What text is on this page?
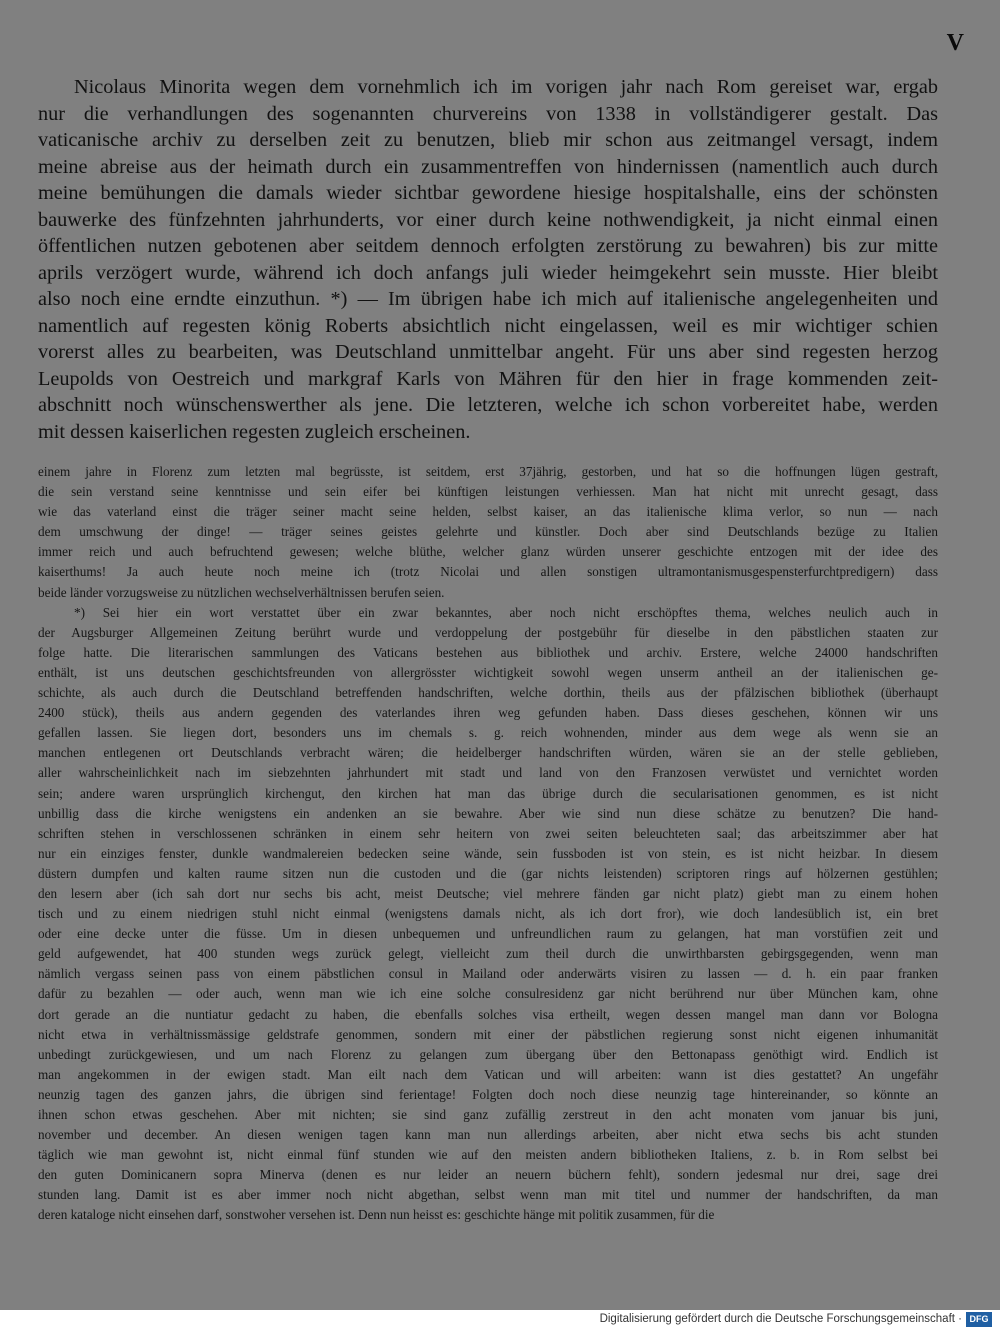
V
Nicolaus Minorita wegen dem vornehmlich ich im vorigen jahr nach Rom gereiset war, ergab
nur die verhandlungen des sogenannten churvereins von 1338 in vollständigerer gestalt. Das
vaticanische archiv zu derselben zeit zu benutzen, blieb mir schon aus zeitmangel versagt, indem
meine abreise aus der heimath durch ein zusammentreffen von hindernissen (namentlich auch durch
meine bemühungen die damals wieder sichtbar gewordene hiesige hospitalshalle, eins der schönsten
bauwerke des fünfzehnten jahrhunderts, vor einer durch keine nothwendigkeit, ja nicht einmal einen
öffentlichen nutzen gebotenen aber seitdem dennoch erfolgten zerstörung zu bewahren) bis zur mitte
aprils verzögert wurde, während ich doch anfangs juli wieder heimgekehrt sein musste. Hier bleibt
also noch eine erndte einzuthun. *) — Im übrigen habe ich mich auf italienische angelegenheiten und
namentlich auf regesten könig Roberts absichtlich nicht eingelassen, weil es mir wichtiger schien
vorerst alles zu bearbeiten, was Deutschland unmittelbar angeht. Für uns aber sind regesten herzog
Leupolds von Oestreich und markgraf Karls von Mähren für den hier in frage kommenden zeit-
abschnitt noch wünschenswerther als jene. Die letzteren, welche ich schon vorbereitet habe, werden
mit dessen kaiserlichen regesten zugleich erscheinen.
einem jahre in Florenz zum letzten mal begrüsste, ist seitdem, erst 37jährig, gestorben, und hat so die hoffnungen lügen gestraft,
die sein verstand seine kenntnisse und sein eifer bei künftigen leistungen verhiessen. Man hat nicht mit unrecht gesagt, dass
wie das vaterland einst die träger seiner macht seine helden, selbst kaiser, an das italienische klima verlor, so nun — nach
dem umschwung der dinge! — träger seines geistes gelehrte und künstler. Doch aber sind Deutschlands bezüge zu Italien
immer reich und auch befruchtend gewesen; welche blüthe, welcher glanz würden unserer geschichte entzogen mit der idee des
kaiserthums! Ja auch heute noch meine ich (trotz Nicolai und allen sonstigen ultramontanismusgespensterfurchtpredigern) dass
beide länder vorzugsweise zu nützlichen wechselverhältnissen berufen seien.
*) Sei hier ein wort verstattet über ein zwar bekanntes, aber noch nicht erschöpftes thema, welches neulich auch in
der Augsburger Allgemeinen Zeitung berührt wurde und verdoppelung der postgebühr für dieselbe in den päbstlichen staaten zur
folge hatte. Die literarischen sammlungen des Vaticans bestehen aus bibliothek und archiv. Erstere, welche 24000 handschriften
enthält, ist uns deutschen geschichtsfreunden von allergrösster wichtigkeit sowohl wegen unserm antheil an der italienischen ge-
schichte, als auch durch die Deutschland betreffenden handschriften, welche dorthin, theils aus der pfälzischen bibliothek (überhaupt
2400 stück), theils aus andern gegenden des vaterlandes ihren weg gefunden haben. Dass dieses geschehen, können wir uns
gefallen lassen. Sie liegen dort, besonders uns im chemals s. g. reich wohnenden, minder aus dem wege als wenn sie an
manchen entlegenen ort Deutschlands verbracht wären; die heidelberger handschriften würden, wären sie an der stelle geblieben,
aller wahrscheinlichkeit nach im siebzehnten jahrhundert mit stadt und land von den Franzosen verwüstet und vernichtet worden
sein; andere waren ursprünglich kirchengut, den kirchen hat man das übrige durch die secularisationen genommen, es ist nicht
unbillig dass die kirche wenigstens ein andenken an sie bewahre. Aber wie sind nun diese schätze zu benutzen? Die hand-
schriften stehen in verschlossenen schränken in einem sehr heitern von zwei seiten beleuchteten saal; das arbeitszimmer aber hat
nur ein einziges fenster, dunkle wandmalereien bedecken seine wände, sein fussboden ist von stein, es ist nicht heizbar. In diesem
düstern dumpfen und kalten raume sitzen nun die custoden und die (gar nichts leistenden) scriptoren rings auf hölzernen gestühlen;
den lesern aber (ich sah dort nur sechs bis acht, meist Deutsche; viel mehrere fänden gar nicht platz) giebt man zu einem hohen
tisch und zu einem niedrigen stuhl nicht einmal (wenigstens damals nicht, als ich dort fror), wie doch landesüblich ist, ein bret
oder eine decke unter die füsse. Um in diesen unbequemen und unfreundlichen raum zu gelangen, hat man vorstüfien zeit und
geld aufgewendet, hat 400 stunden wegs zurück gelegt, vielleicht zum theil durch die unwirthbarsten gebirgsgegenden, wenn man
nämlich vergass seinen pass von einem päbstlichen consul in Mailand oder anderwärts visiren zu lassen — d. h. ein paar franken
dafür zu bezahlen — oder auch, wenn man wie ich eine solche consulresidenz gar nicht berührend nur über München kam, ohne
dort gerade an die nuntiatur gedacht zu haben, die ebenfalls solches visa ertheilt, wegen dessen mangel man dann vor Bologna
nicht etwa in verhältnissmässige geldstrafe genommen, sondern mit einer der päbstlichen regierung sonst nicht eigenen inhumanität
unbedingt zurückgewiesen, und um nach Florenz zu gelangen zum übergang über den Bettonapass genöthigt wird. Endlich ist
man angekommen in der ewigen stadt. Man eilt nach dem Vatican und will arbeiten: wann ist dies gestattet? An ungefähr
neunzig tagen des ganzen jahrs, die übrigen sind ferientage! Folgten doch noch diese neunzig tage hintereinander, so könnte an
ihnen schon etwas geschehen. Aber mit nichten; sie sind ganz zufällig zerstreut in den acht monaten vom januar bis juni,
november und december. An diesen wenigen tagen kann man nun allerdings arbeiten, aber nicht etwa sechs bis acht stunden
täglich wie man gewohnt ist, nicht einmal fünf stunden wie auf den meisten andern bibliotheken Italiens, z. b. in Rom selbst bei
den guten Dominicanern sopra Minerva (denen es nur leider an neuern büchern fehlt), sondern jedesmal nur drei, sage drei
stunden lang. Damit ist es aber immer noch nicht abgethan, selbst wenn man mit titel und nummer der handschriften, da man
deren kataloge nicht einsehen darf, sonstwoher versehen ist. Denn nun heisst es: geschichte hänge mit politik zusammen, für die
Digitalisierung gefördert durch die Deutsche Forschungsgemeinschaft · DFG
